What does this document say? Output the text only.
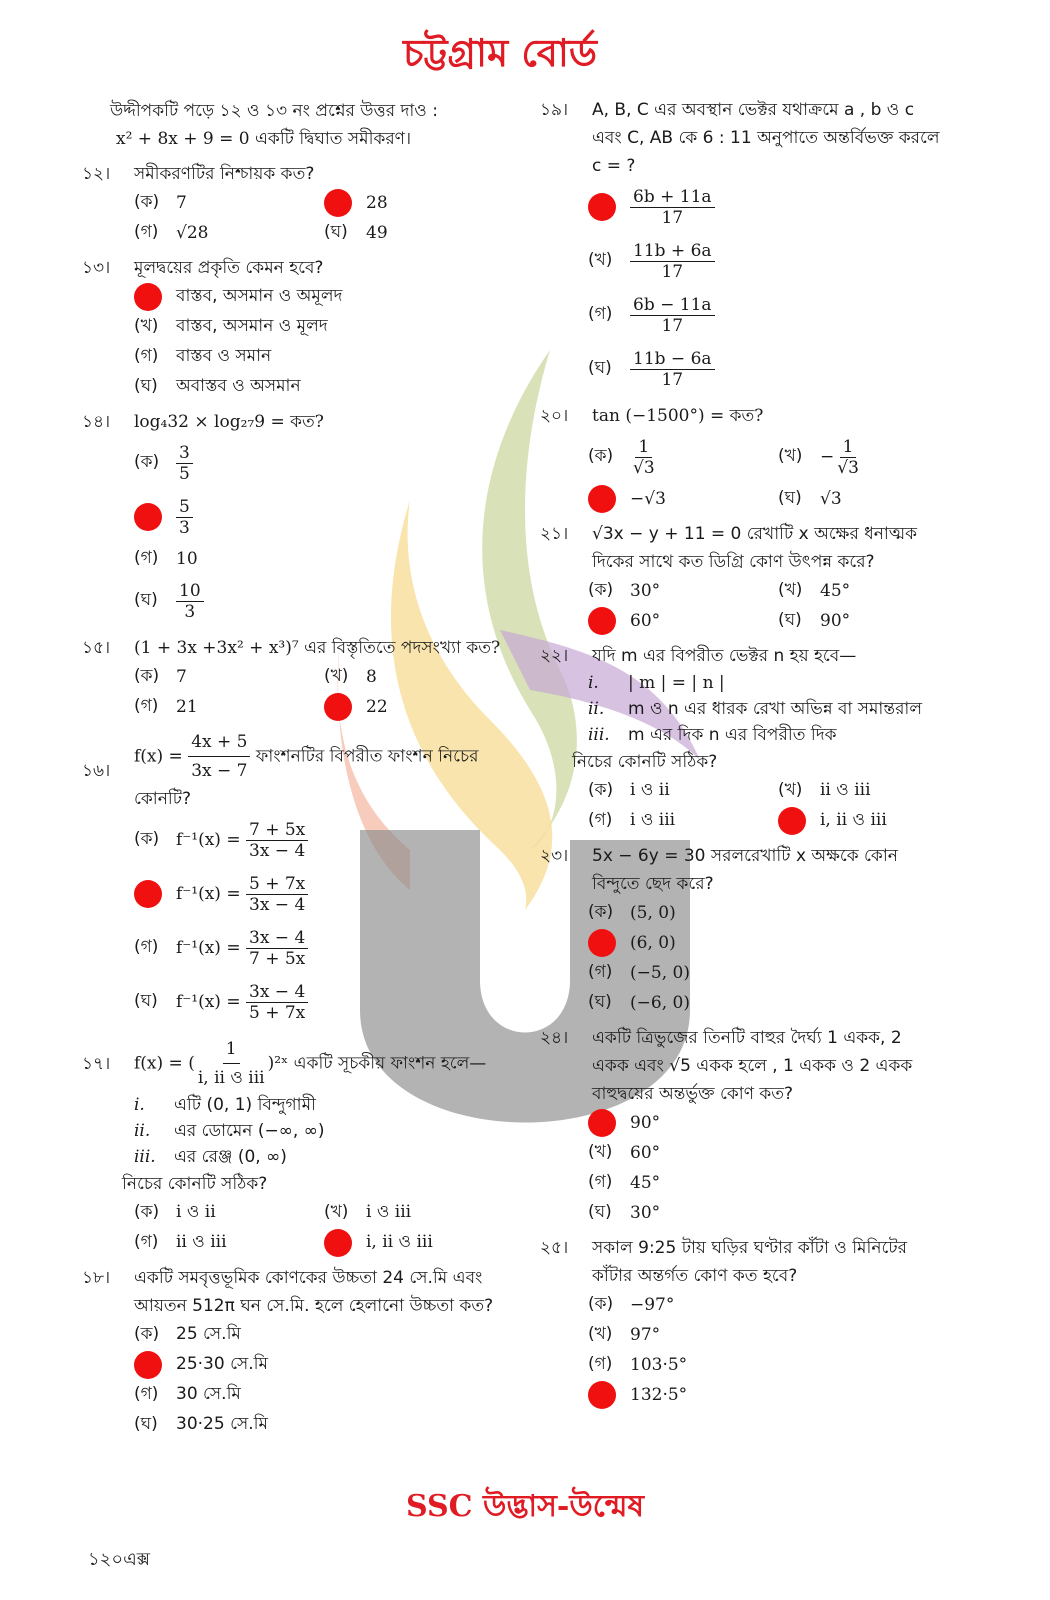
চট্টগ্রাম বোর্ড
উদ্দীপকটি পড়ে ১২ ও ১৩ নং প্রশ্নের উত্তর দাও :
x² + 8x + 9 = 0 একটি দ্বিঘাত সমীকরণ।
১২।	সমীকরণটির নিশ্চায়ক কত?
(ক) 7	28
(গ)	√28	(ঘ)	49
১৩।	মূলদ্বয়ের প্রকৃতি কেমন হবে?
বাস্তব, অসমান ও অমূলদ
(খ)	বাস্তব, অসমান ও মূলদ
(গ)	বাস্তব ও সমান
(ঘ)	অবাস্তব ও অসমান
১৪।	log₄32 × log₂₇9 = কত?
(ক) $\frac{3}{5}$
$\frac{5}{3}$
(গ)	10
(ঘ)	$\frac{10}{3}$
১৫।	(1 + 3x +3x² + x³)⁷ এর বিস্তৃতিতে পদসংখ্যা কত?
(ক) 7	(খ)	8
(গ)	21	22
১৬।
$f(x) = \frac{4x + 5}{3x - 7}$ ফাংশনটির বিপরীত ফাংশন নিচের কোনটি?
(ক) f⁻¹(x) =
$\frac{7 + 5x}{3x - 4}$
f⁻¹(x) =
$\frac{5 + 7x}{3x - 4}$
(গ)	f⁻¹(x) =
$\frac{3x - 4}{7 + 5x}$
(ঘ)	f⁻¹(x) =
$\frac{3x - 4}{5 + 7x}$
১৭।	f(x) = ( $\frac{1}{\text{i, ii ও iii}}$ )²ˣ একটি সূচকীয় ফাংশন হলে—
i.	এটি (0, 1) বিন্দুগামী
ii.	এর ডোমেন (−∞, ∞)
iii.	এর রেঞ্জ (0, ∞)
নিচের কোনটি সঠিক?
(ক) i ও ii	(খ)	i ও iii
(গ)	ii ও iii	i, ii ও iii
১৮।	একটি সমবৃত্তভূমিক কোণকের উচ্চতা 24 সে.মি এবং আয়তন 512π ঘন সে.মি. হলে হেলানো উচ্চতা কত?
(ক) 25 সে.মি
25·30 সে.মি
(গ)	30 সে.মি
(ঘ)	30·25 সে.মি
১৯।	A, B, C এর অবস্থান ভেক্টর যথাক্রমে a , b ও c এবং C, AB কে 6 : 11 অনুপাতে অন্তর্বিভক্ত করলে c = ?
$\frac{6b + 11a}{17}$
(খ)	$\frac{11b + 6a}{17}$
(গ)	$\frac{6b - 11a}{17}$
(ঘ)	$\frac{11b - 6a}{17}$
২০।	tan (−1500°) = কত?
(ক) $\frac{1}{√3}$	(খ)	− $\frac{1}{√3}$
−√3	(ঘ)	√3
২১।	√3x − y + 11 = 0 রেখাটি x অক্ষের ধনাত্মক দিকের সাথে কত ডিগ্রি কোণ উৎপন্ন করে?
(ক) 30°	(খ)	45°
60°	(ঘ)	90°
২২।	যদি m এর বিপরীত ভেক্টর n হয় হবে—
i.	| m | = | n |
ii.	m ও n এর ধারক রেখা অভিন্ন বা সমান্তরাল
iii.	m এর দিক n এর বিপরীত দিক
নিচের কোনটি সঠিক?
(ক) i ও ii	(খ)	ii ও iii
(গ)	i ও iii	i, ii ও iii
২৩।	5x − 6y = 30 সরলরেখাটি x অক্ষকে কোন বিন্দুতে ছেদ করে?
(ক) (5, 0)
(6, 0)
(গ)	(−5, 0)
(ঘ)	(−6, 0)
২৪।	একটি ত্রিভুজের তিনটি বাহুর দৈর্ঘ্য 1 একক, 2 একক এবং √5 একক হলে , 1 একক ও 2 একক বাহুদ্বয়ের অন্তর্ভুক্ত কোণ কত?
90°
(খ)	60°
(গ)	45°
(ঘ)	30°
২৫।	সকাল 9:25 টায় ঘড়ির ঘণ্টার কাঁটা ও মিনিটের কাঁটার অন্তর্গত কোণ কত হবে?
(ক) −97°
(খ)	97°
(গ)	103·5°
132·5°
SSC উদ্ভাস-উন্মেষ
১২০এক্স
